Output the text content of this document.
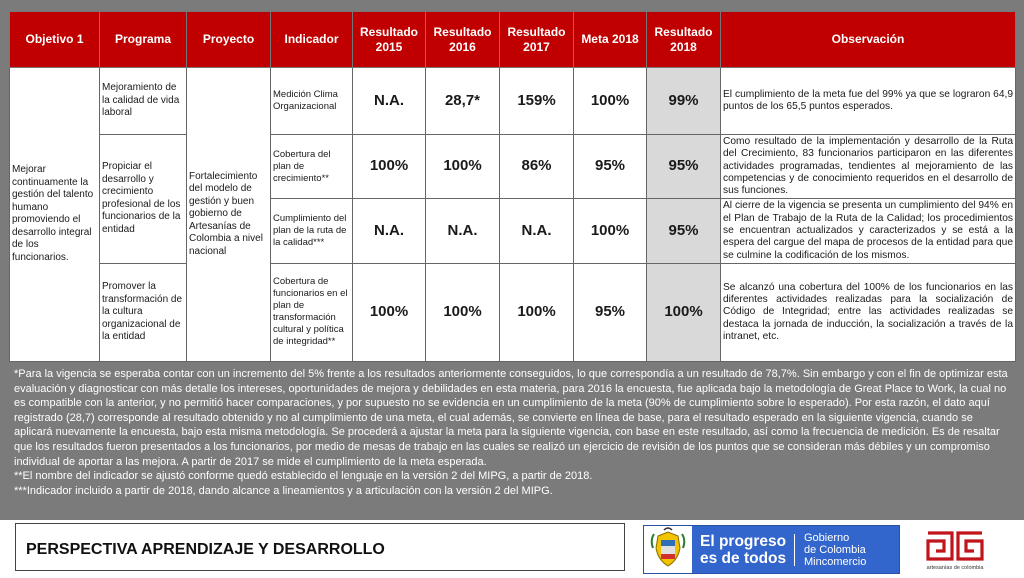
Objetivo 1	Programa	Proyecto	Indicador	Resultado 2015	Resultado 2016	Resultado 2017	Meta 2018	Resultado 2018	Observación
Mejorar continuamente la gestión del talento humano promoviendo el desarrollo integral de los funcionarios.	Mejoramiento de la calidad de vida laboral	Fortalecimiento del modelo de gestión y buen gobierno de Artesanías de Colombia a nivel nacional	Medición Clima Organizacional	N.A.	28,7*	159%	100%	99%	El cumplimiento de la meta fue del 99% ya que se lograron 64,9 puntos de los 65,5 puntos esperados.
	Propiciar el desarrollo y crecimiento profesional de los funcionarios de la entidad		Cobertura del plan de crecimiento**	100%	100%	86%	95%	95%	Como resultado de la implementación y desarrollo de la Ruta del Crecimiento, 83 funcionarios participaron en las diferentes actividades programadas, tendientes al mejoramiento de las competencias y de conocimiento requeridos en el desarrollo de sus funciones.
			Cumplimiento del plan de la ruta de la calidad***	N.A.	N.A.	N.A.	100%	95%	Al cierre de la vigencia se presenta un cumplimiento del 94% en el Plan de Trabajo de la Ruta de la Calidad; los procedimientos se encuentran actualizados y caracterizados y se está a la espera del cargue del mapa de procesos de la entidad para que se culmine la codificación de los mismos.
	Promover la transformación de la cultura organizacional de la entidad		Cobertura de funcionarios en el plan de transformación cultural y política de integridad**	100%	100%	100%	95%	100%	Se alcanzó una cobertura del 100% de los funcionarios en las diferentes actividades realizadas para la socialización de Código de Integridad; entre las actividades realizadas se destaca la jornada de inducción, la socialización a través de la intranet, etc.

*Para la vigencia se esperaba contar con un incremento del 5% frente a los resultados anteriormente conseguidos, lo que correspondía a un resultado de 78,7%. Sin embargo y con el fin de optimizar esta evaluación y diagnosticar con más detalle los intereses, oportunidades de mejora y debilidades en esta materia, para 2016 la encuesta, fue aplicada bajo la metodología de Great Place to Work, la cual no es compatible con la anterior, y no permitió hacer comparaciones, y por supuesto no se evidencia en un cumplimiento de la meta (90% de cumplimiento sobre lo esperado). Por esta razón, el dato aquí registrado (28,7) corresponde al resultado obtenido y no al cumplimiento de una meta, el cual además, se convierte en línea de base, para el resultado esperado en la siguiente vigencia, cuando se aplicará nuevamente la encuesta, bajo esta misma metodología. Se procederá a ajustar la meta para la siguiente vigencia, con base en este resultado, así como la frecuencia de medición. Es de resaltar que los resultados fueron presentados a los funcionarios, por medio de mesas de trabajo en las cuales se realizó un ejercicio de revisión de los puntos que se consideran más débiles y un compromiso individual de aportar a las mejora. A partir de 2017 se mide el cumplimiento de la meta esperada.

**El nombre del indicador se ajustó conforme quedó establecido el lenguaje en la versión 2 del MIPG, a partir de 2018.

***Indicador incluido a partir de 2018, dando alcance a lineamientos y a articulación con la versión 2 del MIPG.

PERSPECTIVA APRENDIZAJE Y DESARROLLO	El progreso es de todos
Gobierno
de Colombia
Mincomercio	artesanías de colombia
